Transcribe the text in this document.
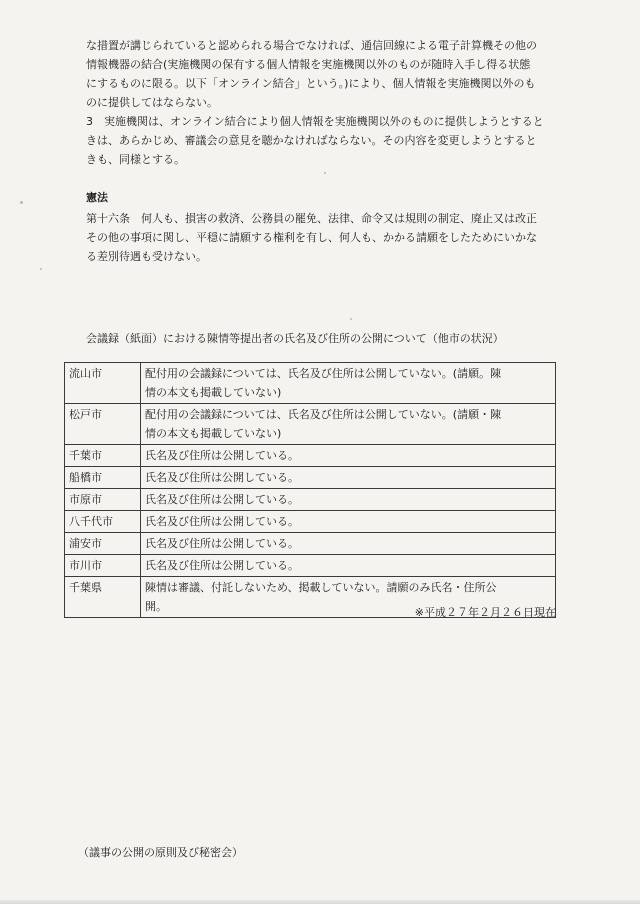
な措置が講じられていると認められる場合でなければ、通信回線による電子計算機その他の
情報機器の結合(実施機関の保有する個人情報を実施機関以外のものが随時入手し得る状態
にするものに限る。以下「オンライン結合」という。)により、個人情報を実施機関以外のも
のに提供してはならない。
3　実施機関は、オンライン結合により個人情報を実施機関以外のものに提供しようとすると
きは、あらかじめ、審議会の意見を聴かなければならない。その内容を変更しようとすると
きも、同様とする。
憲法
第十六条　何人も、損害の救済、公務員の罷免、法律、命令又は規則の制定、廃止又は改正
その他の事項に関し、平穏に請願する権利を有し、何人も、かかる請願をしたためにいかな
る差別待遇も受けない。
会議録（紙面）における陳情等提出者の氏名及び住所の公開について（他市の状況）
流山市	配付用の会議録については、氏名及び住所は公開していない。(請願。陳
情の本文も掲載していない)

松戸市	配付用の会議録については、氏名及び住所は公開していない。(請願・陳
情の本文も掲載していない)

千葉市	氏名及び住所は公開している。

船橋市	氏名及び住所は公開している。

市原市	氏名及び住所は公開している。

八千代市	氏名及び住所は公開している。

浦安市	氏名及び住所は公開している。

市川市	氏名及び住所は公開している。

千葉県	陳情は審議、付託しないため、掲載していない。請願のみ氏名・住所公
開。	※平成２７年２月２６日現在
（議事の公開の原則及び秘密会）
